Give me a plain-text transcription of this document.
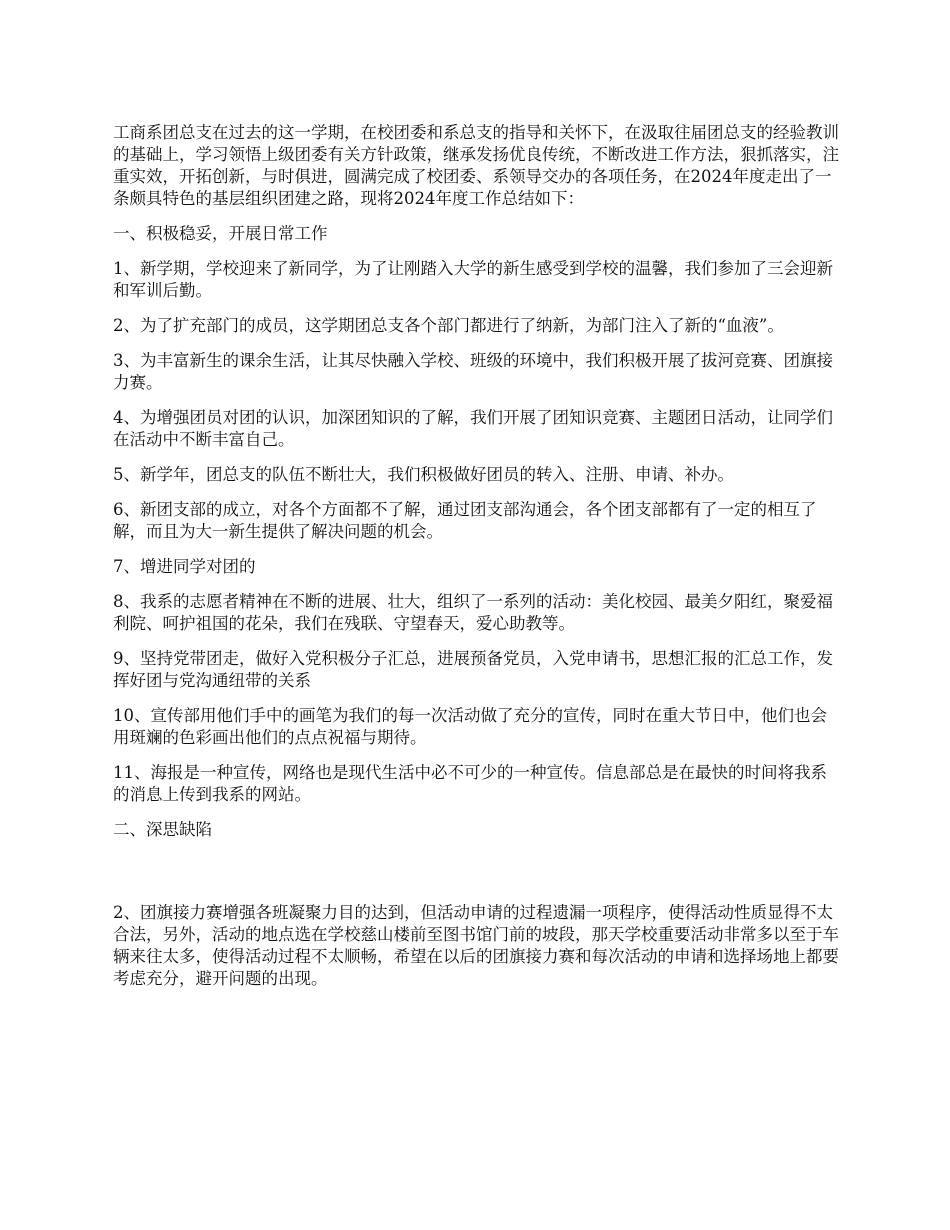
工商系团总支在过去的这一学期，在校团委和系总支的指导和关怀下，在汲取往届团总支的经验教训的基础上，学习领悟上级团委有关方针政策，继承发扬优良传统，不断改进工作方法，狠抓落实，注重实效，开拓创新，与时俱进，圆满完成了校团委、系领导交办的各项任务，在2024年度走出了一条颇具特色的基层组织团建之路，现将2024年度工作总结如下：

一、积极稳妥，开展日常工作

1、新学期，学校迎来了新同学，为了让刚踏入大学的新生感受到学校的温馨，我们参加了三会迎新和军训后勤。

2、为了扩充部门的成员，这学期团总支各个部门都进行了纳新，为部门注入了新的“血液”。

3、为丰富新生的课余生活，让其尽快融入学校、班级的环境中，我们积极开展了拔河竞赛、团旗接力赛。

4、为增强团员对团的认识，加深团知识的了解，我们开展了团知识竞赛、主题团日活动，让同学们在活动中不断丰富自己。

5、新学年，团总支的队伍不断壮大，我们积极做好团员的转入、注册、申请、补办。

6、新团支部的成立，对各个方面都不了解，通过团支部沟通会，各个团支部都有了一定的相互了解，而且为大一新生提供了解决问题的机会。

7、增进同学对团的

8、我系的志愿者精神在不断的进展、壮大，组织了一系列的活动：美化校园、最美夕阳红，聚爱福利院、呵护祖国的花朵，我们在残联、守望春天，爱心助教等。

9、坚持党带团走，做好入党积极分子汇总，进展预备党员，入党申请书，思想汇报的汇总工作，发挥好团与党沟通纽带的关系

10、宣传部用他们手中的画笔为我们的每一次活动做了充分的宣传，同时在重大节日中，他们也会用斑斓的色彩画出他们的点点祝福与期待。

11、海报是一种宣传，网络也是现代生活中必不可少的一种宣传。信息部总是在最快的时间将我系的消息上传到我系的网站。

二、深思缺陷

2、团旗接力赛增强各班凝聚力目的达到，但活动申请的过程遗漏一项程序，使得活动性质显得不太合法，另外，活动的地点选在学校慈山楼前至图书馆门前的坡段，那天学校重要活动非常多以至于车辆来往太多，使得活动过程不太顺畅，希望在以后的团旗接力赛和每次活动的申请和选择场地上都要考虑充分，避开问题的出现。
